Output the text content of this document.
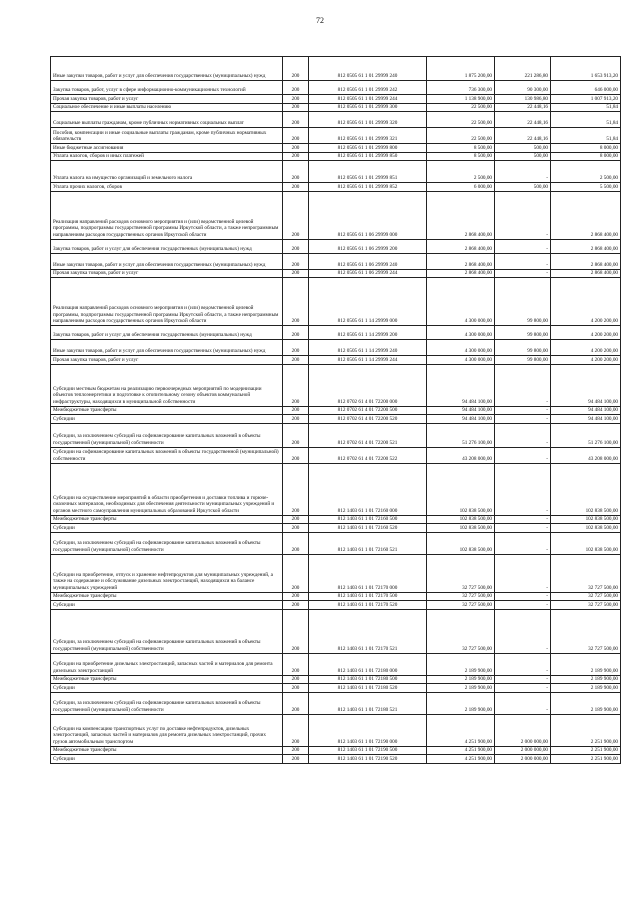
72
Иные закупки товаров, работ и услуг для обеспечения государственных (муниципальных) нужд	200	812 0505 61 1 01 29999 240	1 875 200,00	221 286,80	1 653 913,20
Закупка товаров, работ, услуг в сфере информационно-коммуникационных технологий	200	812 0505 61 1 01 29999 242	736 300,00	90 300,00	646 000,00
Прочая закупка товаров, работ и услуг	200	812 0505 61 1 01 29999 244	1 138 900,00	130 986,80	1 007 913,20
Социальное обеспечение и иные выплаты населению	200	812 0505 61 1 01 29999 300	22 500,00	22 448,16	51,84
Социальные выплаты гражданам, кроме публичных нормативных социальных выплат	200	812 0505 61 1 01 29999 320	22 500,00	22 448,16	51,84
Пособия, компенсации и иные социальные выплаты гражданам, кроме публичных нормативных обязательств	200	812 0505 61 1 01 29999 321	22 500,00	22 448,16	51,84
Иные бюджетные ассигнования	200	812 0505 61 1 01 29999 800	8 500,00	500,00	8 000,00
Уплата налогов, сборов и иных платежей	200	812 0505 61 1 01 29999 850	8 500,00	500,00	8 000,00
Уплата налога на имущество организаций и земельного налога	200	812 0505 61 1 01 29999 851	2 500,00	-	2 500,00
Уплата прочих налогов, сборов	200	812 0505 61 1 01 29999 852	6 000,00	500,00	5 500,00
Реализация направлений расходов основного мероприятия и (или) ведомственной целевой программы, подпрограммы государственной программы Иркутской области, а также непрограммным направлениям расходов государственных органов Иркутской области	200	812 0505 61 1 06 29999 000	2 868 400,00	-	2 868 400,00
Закупка товаров, работ и услуг для обеспечения государственных (муниципальных) нужд	200	812 0505 61 1 06 29999 200	2 868 400,00	-	2 868 400,00
Иные закупки товаров, работ и услуг для обеспечения государственных (муниципальных) нужд	200	812 0505 61 1 06 29999 240	2 868 400,00	-	2 868 400,00
Прочая закупка товаров, работ и услуг	200	812 0505 61 1 06 29999 244	2 868 400,00	-	2 868 400,00
Реализация направлений расходов основного мероприятия и (или) ведомственной целевой программы, подпрограммы государственной программы Иркутской области, а также непрограммным направлениям расходов государственных органов Иркутской области	200	812 0505 61 1 14 29999 000	4 300 000,00	99 800,00	4 200 200,00
Закупка товаров, работ и услуг для обеспечения государственных (муниципальных) нужд	200	812 0505 61 1 14 29999 200	4 300 000,00	99 800,00	4 200 200,00
Иные закупки товаров, работ и услуг для обеспечения государственных (муниципальных) нужд	200	812 0505 61 1 14 29999 240	4 300 000,00	99 800,00	4 200 200,00
Прочая закупка товаров, работ и услуг	200	812 0505 61 1 14 29999 244	4 300 000,00	99 800,00	4 200 200,00
Субсидии местным бюджетам на реализацию первоочередных мероприятий по модернизации объектов теплоэнергетики и подготовке к отопительному сезону объектов коммунальной инфраструктуры, находящихся в муниципальной собственности	200	812 0702 61 4 01 72200 000	94 484 100,00	-	94 484 100,00
Межбюджетные трансферты	200	812 0702 61 4 01 72200 500	94 484 100,00	-	94 484 100,00
Субсидии	200	812 0702 61 4 01 72200 520	94 484 100,00	-	94 484 100,00
Субсидии, за исключением субсидий на софинансирование капитальных вложений в объекты государственной (муниципальной) собственности	200	812 0702 61 4 01 72200 521	51 276 100,00	-	51 276 100,00
Субсидии на софинансирование капитальных вложений в объекты государственной (муниципальной) собственности	200	812 0702 61 4 01 72200 522	43 208 000,00	-	43 208 000,00
Субсидии на осуществление мероприятий в области приобретения и доставки топлива и горюче-смазочных материалов, необходимых для обеспечения деятельности муниципальных учреждений и органов местного самоуправления муниципальных образований Иркутской области	200	812 1403 61 1 01 72160 000	102 838 500,00	-	102 838 500,00
Межбюджетные трансферты	200	812 1403 61 1 01 72160 500	102 838 500,00	-	102 838 500,00
Субсидии	200	812 1403 61 1 01 72160 520	102 838 500,00	-	102 838 500,00
Субсидии, за исключением субсидий на софинансирование капитальных вложений в объекты государственной (муниципальной) собственности	200	812 1403 61 1 01 72160 521	102 838 500,00	-	102 838 500,00
Субсидии на приобретение, отпуск и хранение нефтепродуктов для муниципальных учреждений, а также на содержание и обслуживание дизельных электростанций, находящихся на балансе муниципальных учреждений	200	812 1403 61 1 01 72170 000	32 727 500,00	-	32 727 500,00
Межбюджетные трансферты	200	812 1403 61 1 01 72170 500	32 727 500,00	-	32 727 500,00
Субсидии	200	812 1403 61 1 01 72170 520	32 727 500,00	-	32 727 500,00
Субсидии, за исключением субсидий на софинансирование капитальных вложений в объекты государственной (муниципальной) собственности	200	812 1403 61 1 01 72170 521	32 727 500,00	-	32 727 500,00
Субсидии на приобретение дизельных электростанций, запасных частей и материалов для ремонта дизельных электростанций	200	812 1403 61 1 01 72180 000	2 189 900,00	-	2 189 900,00
Межбюджетные трансферты	200	812 1403 61 1 01 72180 500	2 189 900,00	-	2 189 900,00
Субсидии	200	812 1403 61 1 01 72180 520	2 189 900,00	-	2 189 900,00
Субсидии, за исключением субсидий на софинансирование капитальных вложений в объекты государственной (муниципальной) собственности	200	812 1403 61 1 01 72180 521	2 189 900,00	-	2 189 900,00
Субсидии на компенсацию транспортных услуг по доставке нефтепродуктов, дизельных электростанций, запасных частей и материалов для ремонта дизельных электростанций, прочих грузов автомобильным транспортом	200	812 1403 61 1 01 72190 000	4 251 900,00	2 000 000,00	2 251 900,00
Межбюджетные трансферты	200	812 1403 61 1 01 72190 500	4 251 900,00	2 000 000,00	2 251 900,00
Субсидии	200	812 1403 61 1 01 72190 520	4 251 900,00	2 000 000,00	2 251 900,00
